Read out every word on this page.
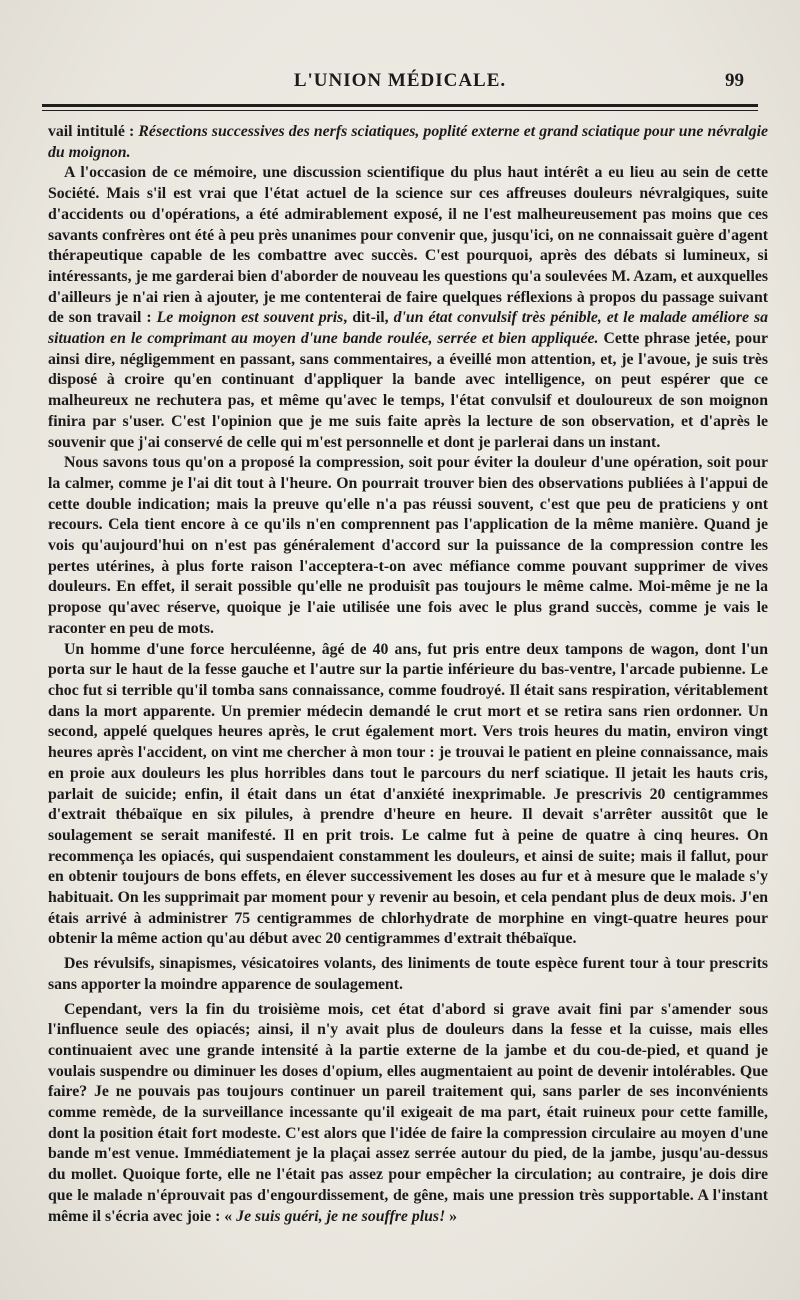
L'UNION MÉDICALE.	99

vail intitulé : Résections successives des nerfs sciatiques, poplité externe et grand sciatique pour une névralgie du moignon.

A l'occasion de ce mémoire, une discussion scientifique du plus haut intérêt a eu lieu au sein de cette Société. Mais s'il est vrai que l'état actuel de la science sur ces affreuses douleurs névralgiques, suite d'accidents ou d'opérations, a été admirablement exposé, il ne l'est malheureusement pas moins que ces savants confrères ont été à peu près unanimes pour convenir que, jusqu'ici, on ne connaissait guère d'agent thérapeutique capable de les combattre avec succès. C'est pourquoi, après des débats si lumineux, si intéressants, je me garderai bien d'aborder de nouveau les questions qu'a soulevées M. Azam, et auxquelles d'ailleurs je n'ai rien à ajouter, je me contenterai de faire quelques réflexions à propos du passage suivant de son travail : Le moignon est souvent pris, dit-il, d'un état convulsif très pénible, et le malade améliore sa situation en le comprimant au moyen d'une bande roulée, serrée et bien appliquée. Cette phrase jetée, pour ainsi dire, négligemment en passant, sans commentaires, a éveillé mon attention, et, je l'avoue, je suis très disposé à croire qu'en continuant d'appliquer la bande avec intelligence, on peut espérer que ce malheureux ne rechutera pas, et même qu'avec le temps, l'état convulsif et douloureux de son moignon finira par s'user. C'est l'opinion que je me suis faite après la lecture de son observation, et d'après le souvenir que j'ai conservé de celle qui m'est personnelle et dont je parlerai dans un instant.

Nous savons tous qu'on a proposé la compression, soit pour éviter la douleur d'une opération, soit pour la calmer, comme je l'ai dit tout à l'heure. On pourrait trouver bien des observations publiées à l'appui de cette double indication; mais la preuve qu'elle n'a pas réussi souvent, c'est que peu de praticiens y ont recours. Cela tient encore à ce qu'ils n'en comprennent pas l'application de la même manière. Quand je vois qu'aujourd'hui on n'est pas généralement d'accord sur la puissance de la compression contre les pertes utérines, à plus forte raison l'acceptera-t-on avec méfiance comme pouvant supprimer de vives douleurs. En effet, il serait possible qu'elle ne produisît pas toujours le même calme. Moi-même je ne la propose qu'avec réserve, quoique je l'aie utilisée une fois avec le plus grand succès, comme je vais le raconter en peu de mots.

Un homme d'une force herculéenne, âgé de 40 ans, fut pris entre deux tampons de wagon, dont l'un porta sur le haut de la fesse gauche et l'autre sur la partie inférieure du bas-ventre, l'arcade pubienne. Le choc fut si terrible qu'il tomba sans connaissance, comme foudroyé. Il était sans respiration, véritablement dans la mort apparente. Un premier médecin demandé le crut mort et se retira sans rien ordonner. Un second, appelé quelques heures après, le crut également mort. Vers trois heures du matin, environ vingt heures après l'accident, on vint me chercher à mon tour : je trouvai le patient en pleine connaissance, mais en proie aux douleurs les plus horribles dans tout le parcours du nerf sciatique. Il jetait les hauts cris, parlait de suicide; enfin, il était dans un état d'anxiété inexprimable. Je prescrivis 20 centigrammes d'extrait thébaïque en six pilules, à prendre d'heure en heure. Il devait s'arrêter aussitôt que le soulagement se serait manifesté. Il en prit trois. Le calme fut à peine de quatre à cinq heures. On recommença les opiacés, qui suspendaient constamment les douleurs, et ainsi de suite; mais il fallut, pour en obtenir toujours de bons effets, en élever successivement les doses au fur et à mesure que le malade s'y habituait. On les supprimait par moment pour y revenir au besoin, et cela pendant plus de deux mois. J'en étais arrivé à administrer 75 centigrammes de chlorhydrate de morphine en vingt-quatre heures pour obtenir la même action qu'au début avec 20 centigrammes d'extrait thébaïque.

Des révulsifs, sinapismes, vésicatoires volants, des liniments de toute espèce furent tour à tour prescrits sans apporter la moindre apparence de soulagement.

Cependant, vers la fin du troisième mois, cet état d'abord si grave avait fini par s'amender sous l'influence seule des opiacés; ainsi, il n'y avait plus de douleurs dans la fesse et la cuisse, mais elles continuaient avec une grande intensité à la partie externe de la jambe et du cou-de-pied, et quand je voulais suspendre ou diminuer les doses d'opium, elles augmentaient au point de devenir intolérables. Que faire? Je ne pouvais pas toujours continuer un pareil traitement qui, sans parler de ses inconvénients comme remède, de la surveillance incessante qu'il exigeait de ma part, était ruineux pour cette famille, dont la position était fort modeste. C'est alors que l'idée de faire la compression circulaire au moyen d'une bande m'est venue. Immédiatement je la plaçai assez serrée autour du pied, de la jambe, jusqu'au-dessus du mollet. Quoique forte, elle ne l'était pas assez pour empêcher la circulation; au contraire, je dois dire que le malade n'éprouvait pas d'engourdissement, de gêne, mais une pression très supportable. A l'instant même il s'écria avec joie : « Je suis guéri, je ne souffre plus! »
